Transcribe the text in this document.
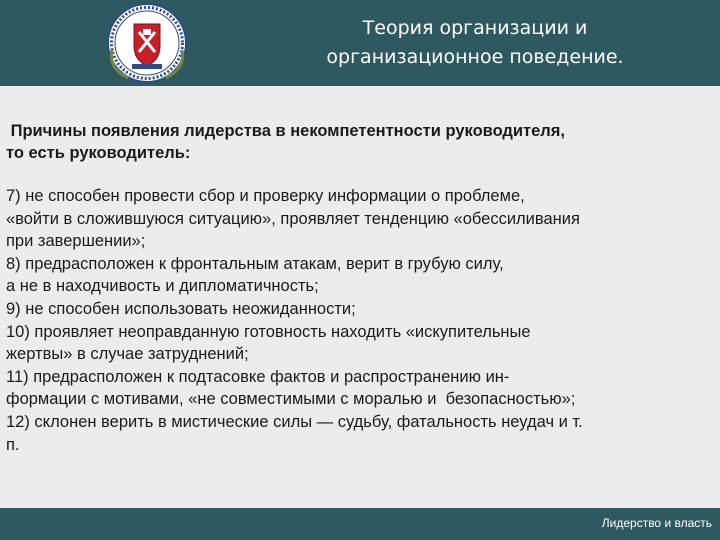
Теория организации и
организационное поведение.
Причины появления лидерства в некомпетентности руководителя,
то есть руководитель:
7) не способен провести сбор и проверку информации о проблеме,
«войти в сложившуюся ситуацию», проявляет тенденцию «обессиливания
при завершении»;
8) предрасположен к фронтальным атакам, верит в грубую силу,
а не в находчивость и дипломатичность;
9) не способен использовать неожиданности;
10) проявляет неоправданную готовность находить «искупительные
жертвы» в случае затруднений;
11) предрасположен к подтасовке фактов и распространению ин-
формации с мотивами, «не совместимыми с моралью и  безопасностью»;
12) склонен верить в мистические силы — судьбу, фатальность неудач и т.
п.
Лидерство и власть
